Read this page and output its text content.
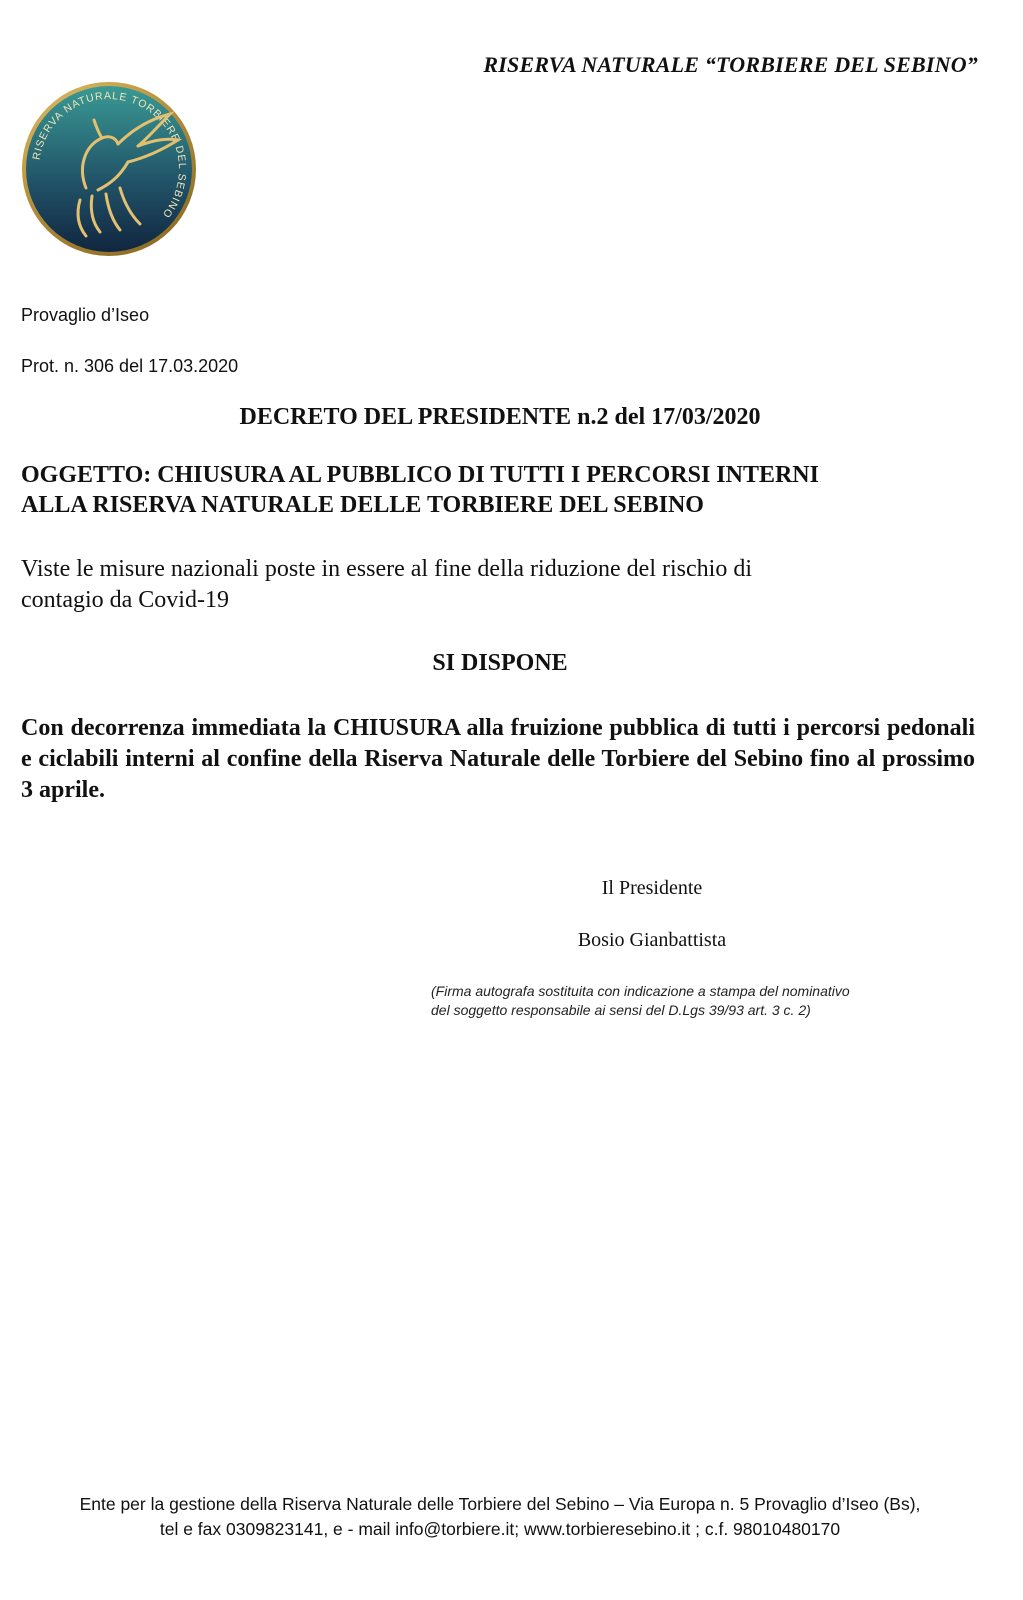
RISERVA NATURALE “TORBIERE DEL SEBINO”
RISERVA NATURALE TORBIERE DEL SEBINO
Provaglio d’Iseo
Prot. n. 306 del 17.03.2020
DECRETO DEL PRESIDENTE n.2 del 17/03/2020
OGGETTO: CHIUSURA AL PUBBLICO DI TUTTI I PERCORSI INTERNI
ALLA RISERVA NATURALE DELLE TORBIERE DEL SEBINO
Viste le misure nazionali poste in essere al fine della riduzione del rischio di
contagio da Covid-19
SI DISPONE
Con decorrenza immediata la CHIUSURA alla fruizione pubblica di tutti i percorsi pedonali e ciclabili interni al confine della Riserva Naturale delle Torbiere del Sebino fino al prossimo 3 aprile.
Il Presidente
Bosio Gianbattista
(Firma autografa sostituita con indicazione a stampa del nominativo
del soggetto responsabile ai sensi del D.Lgs 39/93 art. 3 c. 2)
Ente per la gestione della Riserva Naturale delle Torbiere del Sebino – Via Europa n. 5 Provaglio d’Iseo (Bs),
tel e fax 0309823141, e - mail info@torbiere.it; www.torbieresebino.it ; c.f. 98010480170
